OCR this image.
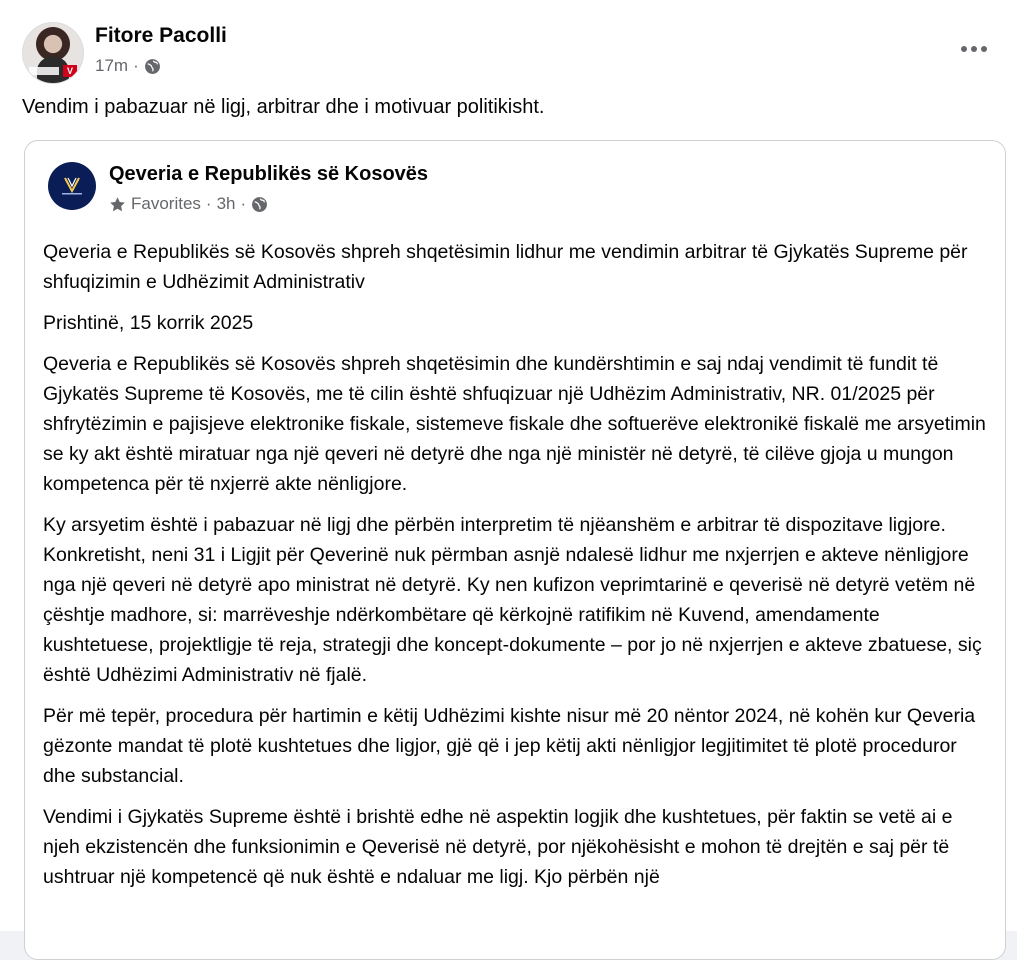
V
Fitore Pacolli
17m ·
Vendim i pabazuar në ligj, arbitrar dhe i motivuar politikisht.
Qeveria e Republikës së Kosovës
Favorites · 3h ·

Qeveria e Republikës së Kosovës shpreh shqetësimin lidhur me vendimin arbitrar të Gjykatës Supreme për shfuqizimin e Udhëzimit Administrativ

Prishtinë, 15 korrik 2025

Qeveria e Republikës së Kosovës shpreh shqetësimin dhe kundërshtimin e saj ndaj vendimit të fundit të Gjykatës Supreme të Kosovës, me të cilin është shfuqizuar një Udhëzim Administrativ, NR. 01/2025 për shfrytëzimin e pajisjeve elektronike fiskale, sistemeve fiskale dhe softuerëve elektronikë fiskalë me arsyetimin se ky akt është miratuar nga një qeveri në detyrë dhe nga një ministër në detyrë, të cilëve gjoja u mungon kompetenca për të nxjerrë akte nënligjore.

Ky arsyetim është i pabazuar në ligj dhe përbën interpretim të njëanshëm e arbitrar të dispozitave ligjore. Konkretisht, neni 31 i Ligjit për Qeverinë nuk përmban asnjë ndalesë lidhur me nxjerrjen e akteve nënligjore nga një qeveri në detyrë apo ministrat në detyrë. Ky nen kufizon veprimtarinë e qeverisë në detyrë vetëm në çështje madhore, si: marrëveshje ndërkombëtare që kërkojnë ratifikim në Kuvend, amendamente kushtetuese, projektligje të reja, strategji dhe koncept-dokumente – por jo në nxjerrjen e akteve zbatuese, siç është Udhëzimi Administrativ në fjalë.

Për më tepër, procedura për hartimin e këtij Udhëzimi kishte nisur më 20 nëntor 2024, në kohën kur Qeveria gëzonte mandat të plotë kushtetues dhe ligjor, gjë që i jep këtij akti nënligjor legjitimitet të plotë proceduror dhe substancial.

Vendimi i Gjykatës Supreme është i brishtë edhe në aspektin logjik dhe kushtetues, për faktin se vetë ai e njeh ekzistencën dhe funksionimin e Qeverisë në detyrë, por njëkohësisht e mohon të drejtën e saj për të ushtruar një kompetencë që nuk është e ndaluar me ligj. Kjo përbën një
